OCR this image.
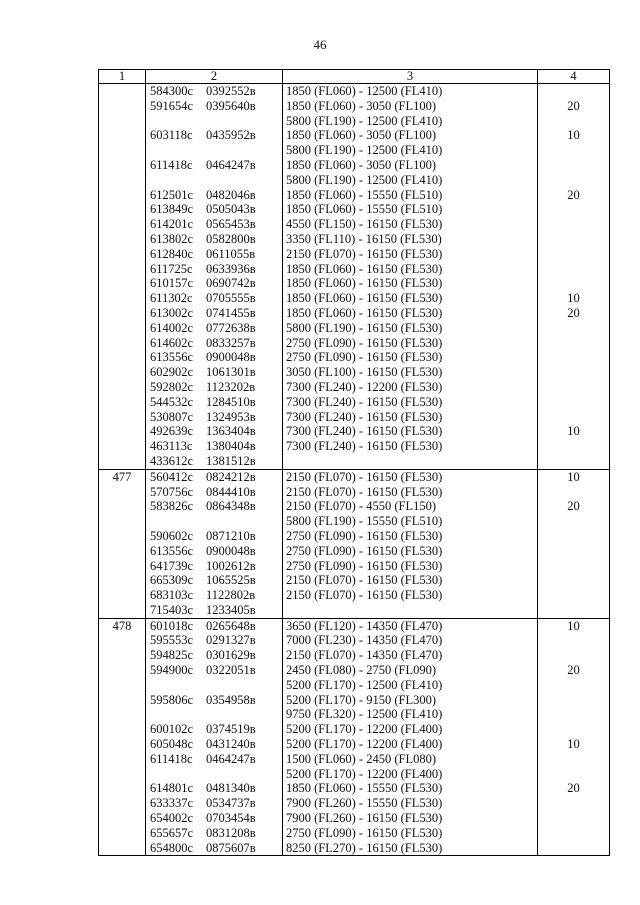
46
1	2	3	4
	584300с 0392552в	1850 (FL060) - 12500 (FL410)	
	591654с 0395640в	1850 (FL060) - 3050 (FL100)	20
		5800 (FL190) - 12500 (FL410)	
	603118с 0435952в	1850 (FL060) - 3050 (FL100)	10
		5800 (FL190) - 12500 (FL410)	
	611418с 0464247в	1850 (FL060) - 3050 (FL100)	
		5800 (FL190) - 12500 (FL410)	
	612501с 0482046в	1850 (FL060) - 15550 (FL510)	20
	613849с 0505043в	1850 (FL060) - 15550 (FL510)	
	614201с 0565453в	4550 (FL150) - 16150 (FL530)	
	613802с 0582800в	3350 (FL110) - 16150 (FL530)	
	612840с 0611055в	2150 (FL070) - 16150 (FL530)	
	611725с 0633936в	1850 (FL060) - 16150 (FL530)	
	610157с 0690742в	1850 (FL060) - 16150 (FL530)	
	611302с 0705555в	1850 (FL060) - 16150 (FL530)	10
	613002с 0741455в	1850 (FL060) - 16150 (FL530)	20
	614002с 0772638в	5800 (FL190) - 16150 (FL530)	
	614602с 0833257в	2750 (FL090) - 16150 (FL530)	
	613556с 0900048в	2750 (FL090) - 16150 (FL530)	
	602902с 1061301в	3050 (FL100) - 16150 (FL530)	
	592802с 1123202в	7300 (FL240) - 12200 (FL530)	
	544532с 1284510в	7300 (FL240) - 16150 (FL530)	
	530807с 1324953в	7300 (FL240) - 16150 (FL530)	
	492639с 1363404в	7300 (FL240) - 16150 (FL530)	10
	463113с 1380404в	7300 (FL240) - 16150 (FL530)	
	433612с 1381512в		
477	560412с 0824212в	2150 (FL070) - 16150 (FL530)	10
	570756с 0844410в	2150 (FL070) - 16150 (FL530)	
	583826с 0864348в	2150 (FL070) - 4550 (FL150)	20
		5800 (FL190) - 15550 (FL510)	
	590602с 0871210в	2750 (FL090) - 16150 (FL530)	
	613556с 0900048в	2750 (FL090) - 16150 (FL530)	
	641739с 1002612в	2750 (FL090) - 16150 (FL530)	
	665309с 1065525в	2150 (FL070) - 16150 (FL530)	
	683103с 1122802в	2150 (FL070) - 16150 (FL530)	
	715403с 1233405в		
478	601018с 0265648в	3650 (FL120) - 14350 (FL470)	10
	595553с 0291327в	7000 (FL230) - 14350 (FL470)	
	594825с 0301629в	2150 (FL070) - 14350 (FL470)	
	594900с 0322051в	2450 (FL080) - 2750 (FL090)	20
		5200 (FL170) - 12500 (FL410)	
	595806с 0354958в	5200 (FL170) - 9150 (FL300)	
		9750 (FL320) - 12500 (FL410)	
	600102с 0374519в	5200 (FL170) - 12200 (FL400)	
	605048с 0431240в	5200 (FL170) - 12200 (FL400)	10
	611418с 0464247в	1500 (FL060) - 2450 (FL080)	
		5200 (FL170) - 12200 (FL400)	
	614801с 0481340в	1850 (FL060) - 15550 (FL530)	20
	633337с 0534737в	7900 (FL260) - 15550 (FL530)	
	654002с 0703454в	7900 (FL260) - 16150 (FL530)	
	655657с 0831208в	2750 (FL090) - 16150 (FL530)	
	654800с 0875607в	8250 (FL270) - 16150 (FL530)	
